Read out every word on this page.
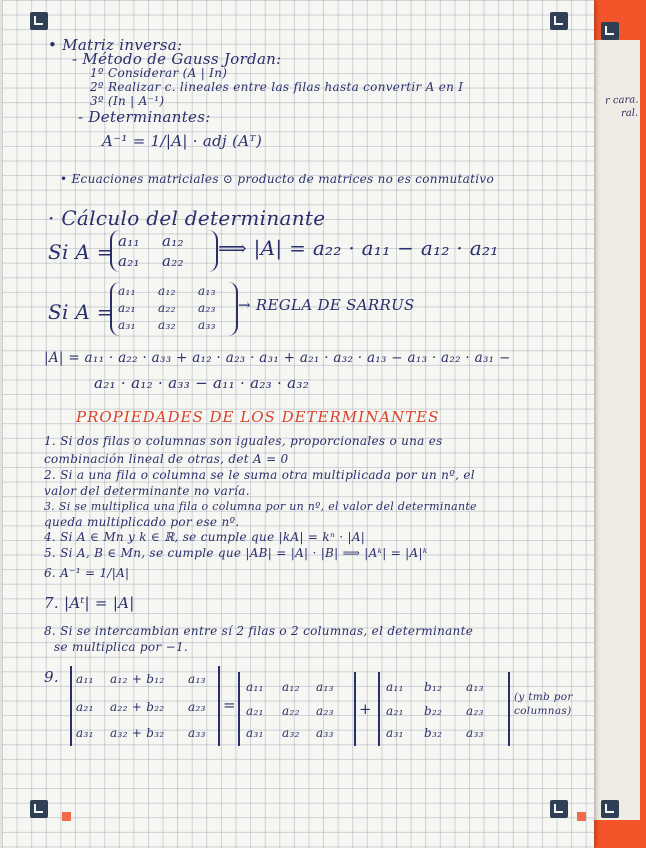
r cara.
ral.
• Matriz inversa:
- Método de Gauss Jordan:
1º Considerar (A | In)
2º Realizar c. lineales entre las filas hasta convertir A en I
3º (In | A⁻¹)
- Determinantes:
A⁻¹ = 1/|A| · adj (Aᵀ)
• Ecuaciones matriciales ⊙ producto de matrices no es conmutativo
· Cálculo del determinante
Si A = a₁₁ a₁₂
a₂₁ a₂₂
⟹ |A| = a₂₂ · a₁₁ − a₁₂ · a₂₁
Si A =
a₁₁ a₁₂ a₁₃
a₂₁ a₂₂ a₂₃
a₃₁ a₃₂ a₃₃
→ REGLA DE SARRUS
|A| = a₁₁ · a₂₂ · a₃₃ + a₁₂ · a₂₃ · a₃₁ + a₂₁ · a₃₂ · a₁₃ − a₁₃ · a₂₂ · a₃₁ −
a₂₁ · a₁₂ · a₃₃ − a₁₁ · a₂₃ · a₃₂
PROPIEDADES DE LOS DETERMINANTES
1. Si dos filas o columnas son iguales, proporcionales o una es
combinación lineal de otras, det A = 0
2. Si a una fila o columna se le suma otra multiplicada por un nº, el
valor del determinante no varía.
3. Si se multiplica una fila o columna por un nº, el valor del determinante
queda multiplicado por ese nº.
4. Si A ∈ Mn y k ∈ ℝ, se cumple que |kA| = kⁿ · |A|
5. Si A, B ∈ Mn, se cumple que |AB| = |A| · |B| ⟹ |Aᵏ| = |A|ᵏ
6. A⁻¹ = 1/|A|
7. |Aᵗ| = |A|
8. Si se intercambian entre sí 2 filas o 2 columnas, el determinante
se multiplica por −1.
9. a₁₁ a₁₂ + b₁₂ a₁₃
a₂₁ a₂₂ + b₂₂ a₂₃
a₃₁ a₃₂ + b₃₂ a₃₃
=
a₁₁ a₁₂ a₁₃
a₂₁ a₂₂ a₂₃
a₃₁ a₃₂ a₃₃
+
a₁₁ b₁₂ a₁₃
a₂₁ b₂₂ a₂₃
a₃₁ b₃₂ a₃₃
(y tmb por columnas)
